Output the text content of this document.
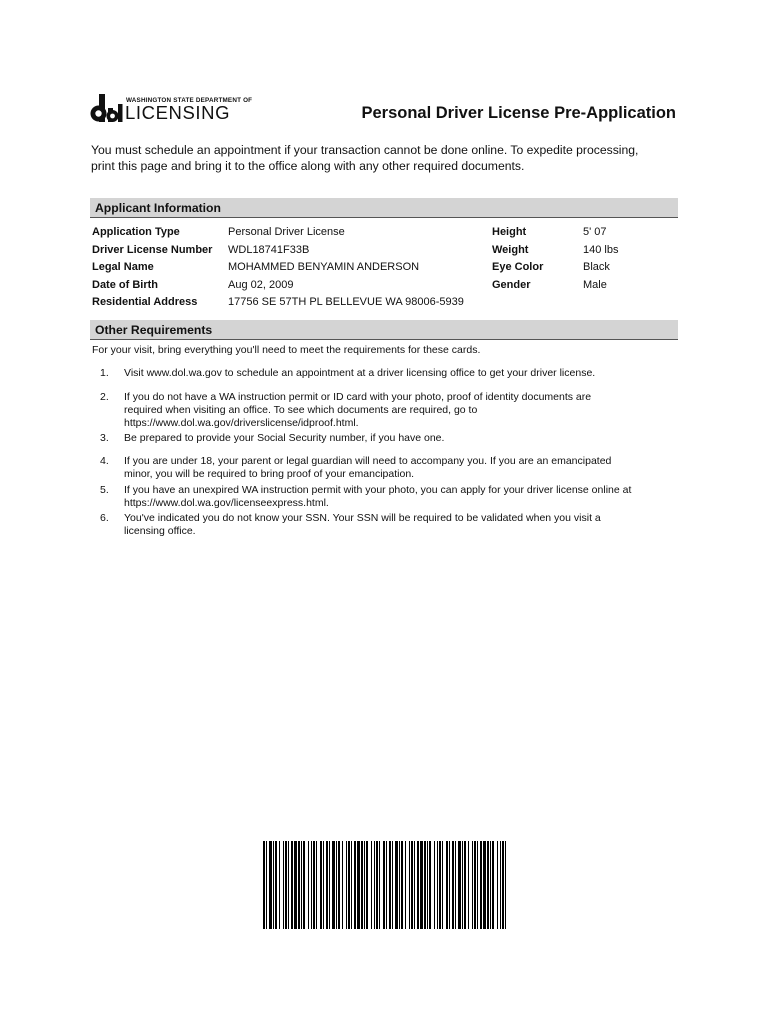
WASHINGTON STATE DEPARTMENT OF
LICENSING	Personal Driver License Pre-Application

You must schedule an appointment if your transaction cannot be done online. To expedite processing,

print this page and bring it to the office along with any other required documents.

Applicant Information
Application Type	Personal Driver License	Height	5' 07
Driver License Number WDL18741F33B	Weight	140 lbs
Legal Name	MOHAMMED BENYAMIN ANDERSON	Eye Color	Black
Date of Birth	Aug 02, 2009	Gender	Male
Residential Address	17756 SE 57TH PL BELLEVUE WA 98006-5939
Other Requirements
For your visit, bring everything you'll need to meet the requirements for these cards.
1. Visit www.dol.wa.gov to schedule an appointment at a driver licensing office to get your driver license.
2. If you do not have a WA instruction permit or ID card with your photo, proof of identity documents are
required when visiting an office. To see which documents are required, go to
https://www.dol.wa.gov/driverslicense/idproof.html.
3. Be prepared to provide your Social Security number, if you have one.
4. If you are under 18, your parent or legal guardian will need to accompany you. If you are an emancipated
minor, you will be required to bring proof of your emancipation.
5. If you have an unexpired WA instruction permit with your photo, you can apply for your driver license online at
https://www.dol.wa.gov/licenseexpress.html.
6. You've indicated you do not know your SSN. Your SSN will be required to be validated when you visit a
licensing office.
